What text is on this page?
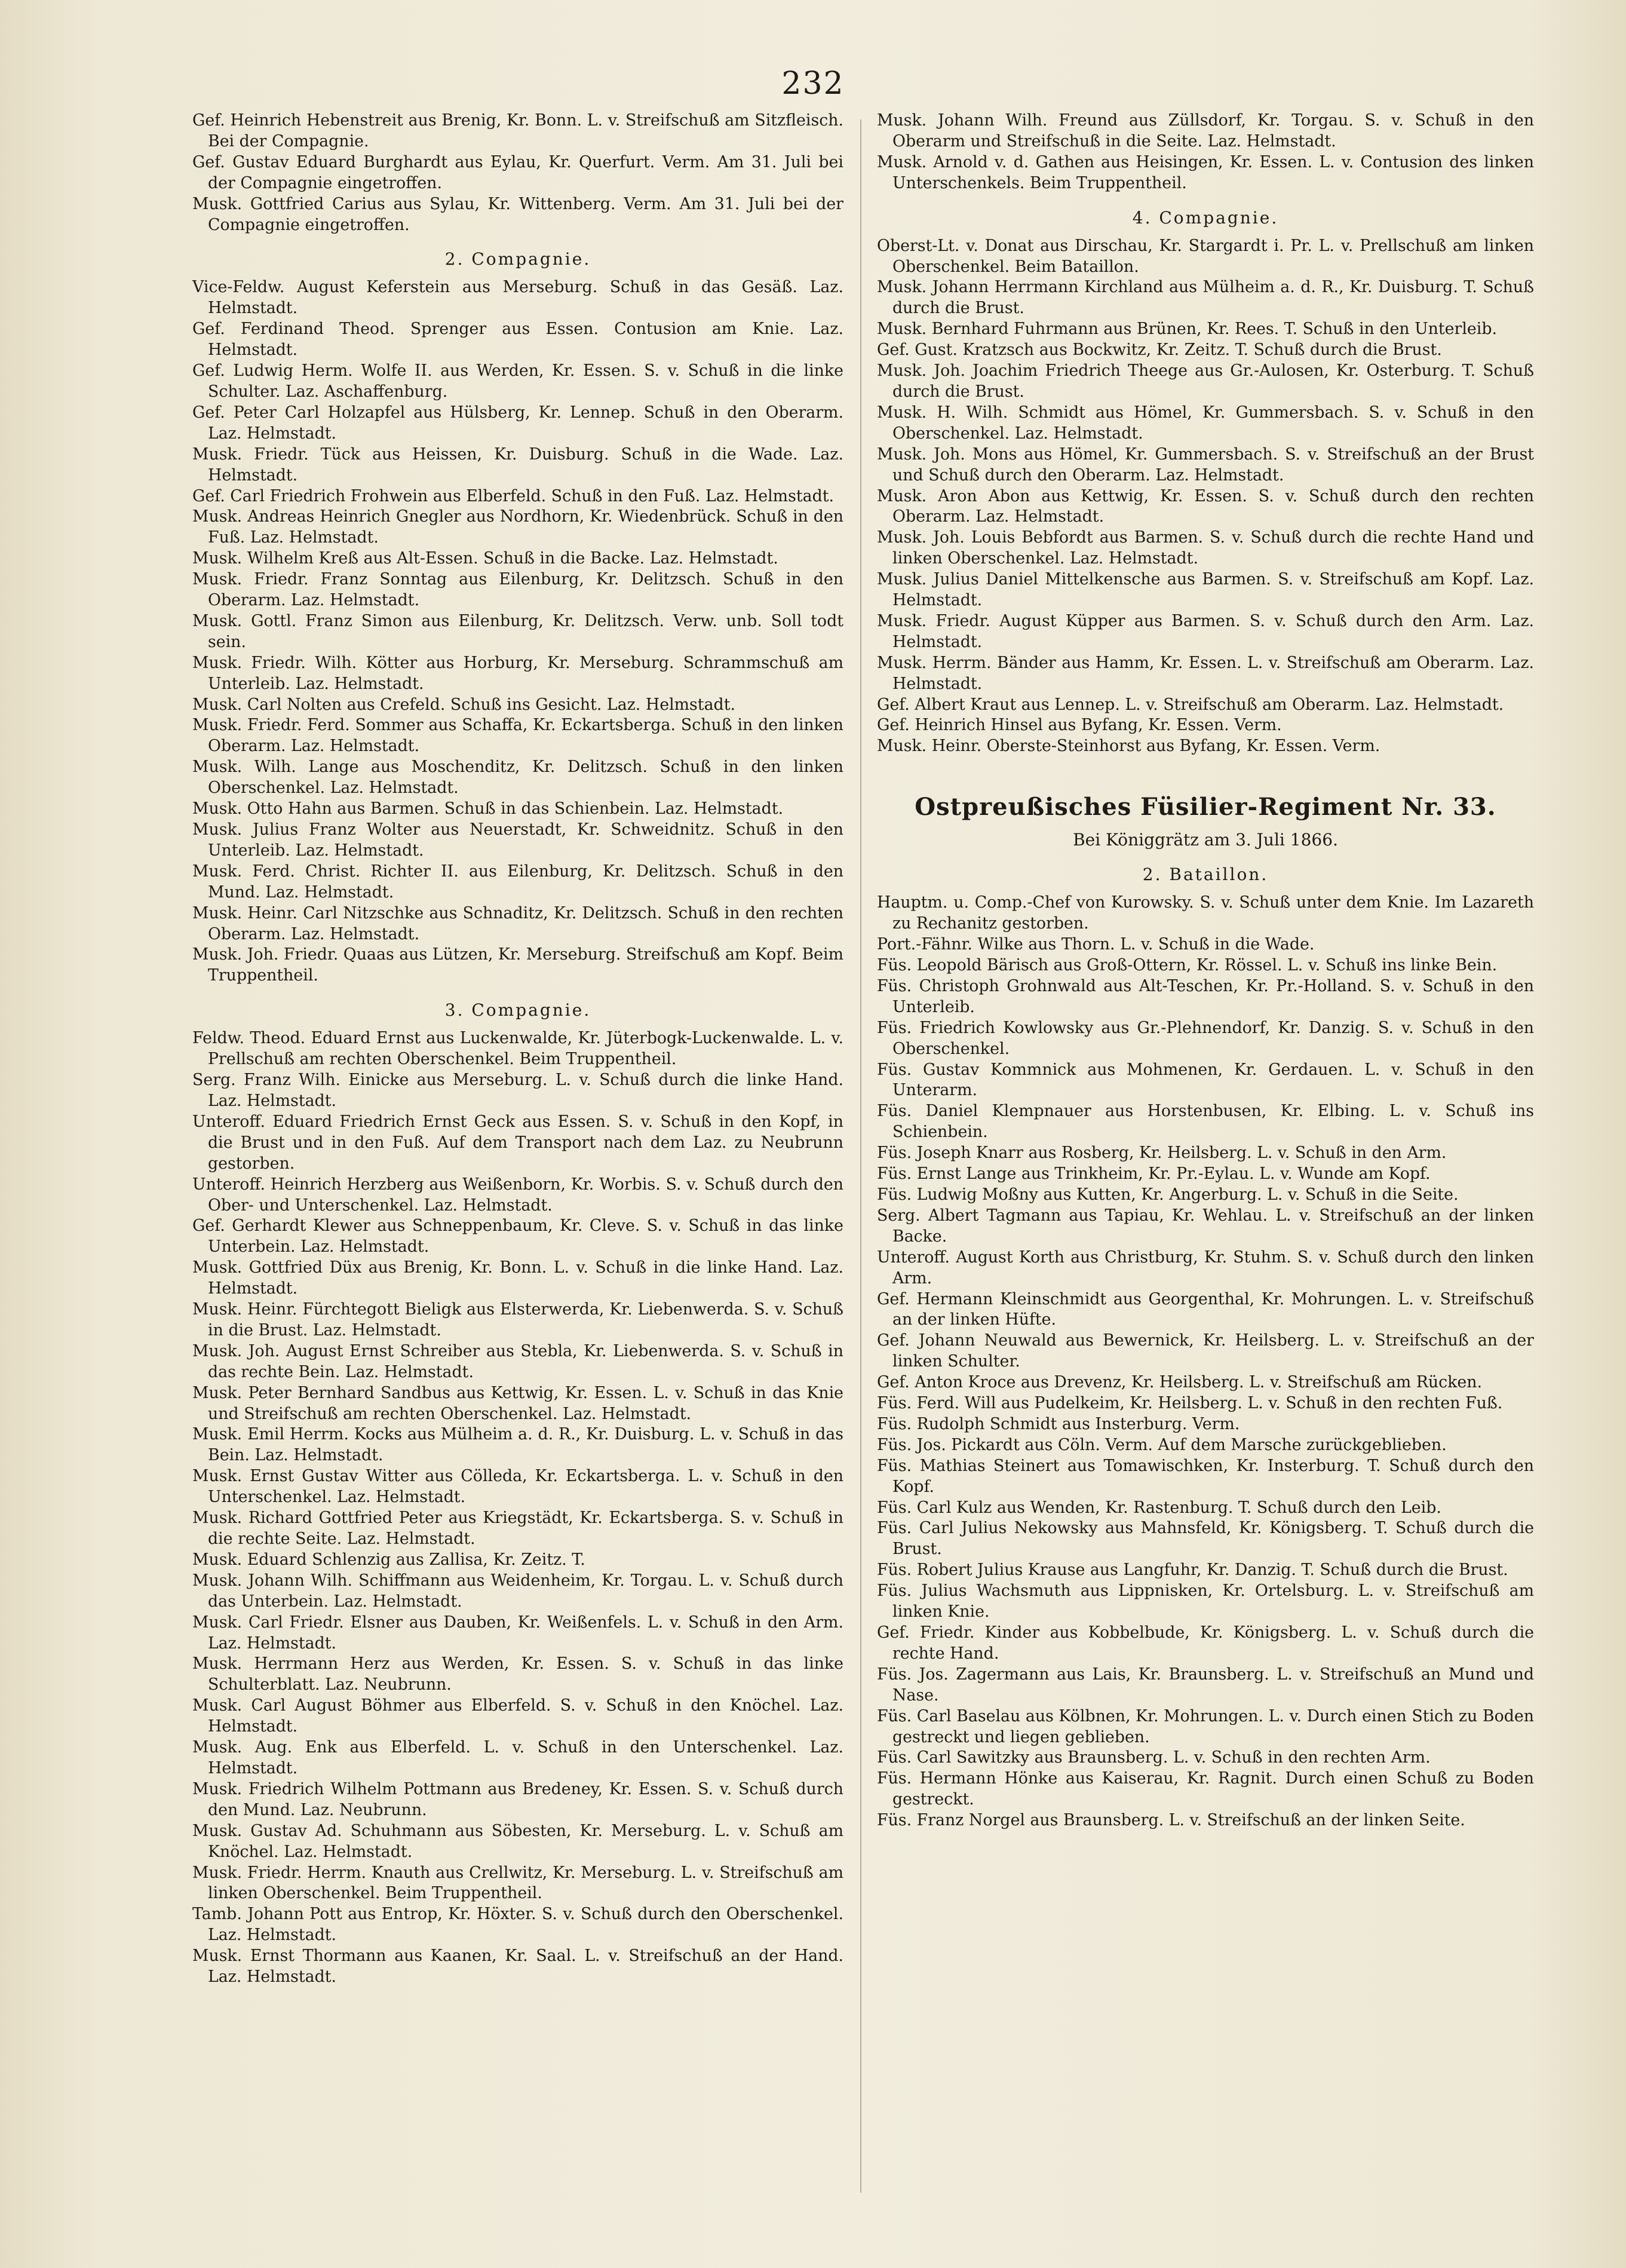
232
Gef. Heinrich Hebenstreit aus Brenig, Kr. Bonn. L. v. Streifschuß am Sitzfleisch. Bei der Compagnie.
Gef. Gustav Eduard Burghardt aus Eylau, Kr. Querfurt. Verm. Am 31. Juli bei der Compagnie eingetroffen.
Musk. Gottfried Carius aus Sylau, Kr. Wittenberg. Verm. Am 31. Juli bei der Compagnie eingetroffen.
2. Compagnie.
Vice-Feldw. August Keferstein aus Merseburg. Schuß in das Gesäß. Laz. Helmstadt.
Gef. Ferdinand Theod. Sprenger aus Essen. Contusion am Knie. Laz. Helmstadt.
Gef. Ludwig Herm. Wolfe II. aus Werden, Kr. Essen. S. v. Schuß in die linke Schulter. Laz. Aschaffenburg.
Gef. Peter Carl Holzapfel aus Hülsberg, Kr. Lennep. Schuß in den Oberarm. Laz. Helmstadt.
Musk. Friedr. Tück aus Heissen, Kr. Duisburg. Schuß in die Wade. Laz. Helmstadt.
Gef. Carl Friedrich Frohwein aus Elberfeld. Schuß in den Fuß. Laz. Helmstadt.
Musk. Andreas Heinrich Gnegler aus Nordhorn, Kr. Wiedenbrück. Schuß in den Fuß. Laz. Helmstadt.
Musk. Wilhelm Kreß aus Alt-Essen. Schuß in die Backe. Laz. Helmstadt.
Musk. Friedr. Franz Sonntag aus Eilenburg, Kr. Delitzsch. Schuß in den Oberarm. Laz. Helmstadt.
Musk. Gottl. Franz Simon aus Eilenburg, Kr. Delitzsch. Verw. unb. Soll todt sein.
Musk. Friedr. Wilh. Kötter aus Horburg, Kr. Merseburg. Schrammschuß am Unterleib. Laz. Helmstadt.
Musk. Carl Nolten aus Crefeld. Schuß ins Gesicht. Laz. Helmstadt.
Musk. Friedr. Ferd. Sommer aus Schaffa, Kr. Eckartsberga. Schuß in den linken Oberarm. Laz. Helmstadt.
Musk. Wilh. Lange aus Moschenditz, Kr. Delitzsch. Schuß in den linken Oberschenkel. Laz. Helmstadt.
Musk. Otto Hahn aus Barmen. Schuß in das Schienbein. Laz. Helmstadt.
Musk. Julius Franz Wolter aus Neuerstadt, Kr. Schweidnitz. Schuß in den Unterleib. Laz. Helmstadt.
Musk. Ferd. Christ. Richter II. aus Eilenburg, Kr. Delitzsch. Schuß in den Mund. Laz. Helmstadt.
Musk. Heinr. Carl Nitzschke aus Schnaditz, Kr. Delitzsch. Schuß in den rechten Oberarm. Laz. Helmstadt.
Musk. Joh. Friedr. Quaas aus Lützen, Kr. Merseburg. Streifschuß am Kopf. Beim Truppentheil.
3. Compagnie.
Feldw. Theod. Eduard Ernst aus Luckenwalde, Kr. Jüterbogk-Luckenwalde. L. v. Prellschuß am rechten Oberschenkel. Beim Truppentheil.
Serg. Franz Wilh. Einicke aus Merseburg. L. v. Schuß durch die linke Hand. Laz. Helmstadt.
Unteroff. Eduard Friedrich Ernst Geck aus Essen. S. v. Schuß in den Kopf, in die Brust und in den Fuß. Auf dem Transport nach dem Laz. zu Neubrunn gestorben.
Unteroff. Heinrich Herzberg aus Weißenborn, Kr. Worbis. S. v. Schuß durch den Ober- und Unterschenkel. Laz. Helmstadt.
Gef. Gerhardt Klewer aus Schneppenbaum, Kr. Cleve. S. v. Schuß in das linke Unterbein. Laz. Helmstadt.
Musk. Gottfried Düx aus Brenig, Kr. Bonn. L. v. Schuß in die linke Hand. Laz. Helmstadt.
Musk. Heinr. Fürchtegott Bieligk aus Elsterwerda, Kr. Liebenwerda. S. v. Schuß in die Brust. Laz. Helmstadt.
Musk. Joh. August Ernst Schreiber aus Stebla, Kr. Liebenwerda. S. v. Schuß in das rechte Bein. Laz. Helmstadt.
Musk. Peter Bernhard Sandbus aus Kettwig, Kr. Essen. L. v. Schuß in das Knie und Streifschuß am rechten Oberschenkel. Laz. Helmstadt.
Musk. Emil Herrm. Kocks aus Mülheim a. d. R., Kr. Duisburg. L. v. Schuß in das Bein. Laz. Helmstadt.
Musk. Ernst Gustav Witter aus Cölleda, Kr. Eckartsberga. L. v. Schuß in den Unterschenkel. Laz. Helmstadt.
Musk. Richard Gottfried Peter aus Kriegstädt, Kr. Eckartsberga. S. v. Schuß in die rechte Seite. Laz. Helmstadt.
Musk. Eduard Schlenzig aus Zallisa, Kr. Zeitz. T.
Musk. Johann Wilh. Schiffmann aus Weidenheim, Kr. Torgau. L. v. Schuß durch das Unterbein. Laz. Helmstadt.
Musk. Carl Friedr. Elsner aus Dauben, Kr. Weißenfels. L. v. Schuß in den Arm. Laz. Helmstadt.
Musk. Herrmann Herz aus Werden, Kr. Essen. S. v. Schuß in das linke Schulterblatt. Laz. Neubrunn.
Musk. Carl August Böhmer aus Elberfeld. S. v. Schuß in den Knöchel. Laz. Helmstadt.
Musk. Aug. Enk aus Elberfeld. L. v. Schuß in den Unterschenkel. Laz. Helmstadt.
Musk. Friedrich Wilhelm Pottmann aus Bredeney, Kr. Essen. S. v. Schuß durch den Mund. Laz. Neubrunn.
Musk. Gustav Ad. Schuhmann aus Söbesten, Kr. Merseburg. L. v. Schuß am Knöchel. Laz. Helmstadt.
Musk. Friedr. Herrm. Knauth aus Crellwitz, Kr. Merseburg. L. v. Streifschuß am linken Oberschenkel. Beim Truppentheil.
Tamb. Johann Pott aus Entrop, Kr. Höxter. S. v. Schuß durch den Oberschenkel. Laz. Helmstadt.
Musk. Ernst Thormann aus Kaanen, Kr. Saal. L. v. Streifschuß an der Hand. Laz. Helmstadt.
Musk. Johann Wilh. Freund aus Züllsdorf, Kr. Torgau. S. v. Schuß in den Oberarm und Streifschuß in die Seite. Laz. Helmstadt.
Musk. Arnold v. d. Gathen aus Heisingen, Kr. Essen. L. v. Contusion des linken Unterschenkels. Beim Truppentheil.
4. Compagnie.
Oberst-Lt. v. Donat aus Dirschau, Kr. Stargardt i. Pr. L. v. Prellschuß am linken Oberschenkel. Beim Bataillon.
Musk. Johann Herrmann Kirchland aus Mülheim a. d. R., Kr. Duisburg. T. Schuß durch die Brust.
Musk. Bernhard Fuhrmann aus Brünen, Kr. Rees. T. Schuß in den Unterleib.
Gef. Gust. Kratzsch aus Bockwitz, Kr. Zeitz. T. Schuß durch die Brust.
Musk. Joh. Joachim Friedrich Theege aus Gr.-Aulosen, Kr. Osterburg. T. Schuß durch die Brust.
Musk. H. Wilh. Schmidt aus Hömel, Kr. Gummersbach. S. v. Schuß in den Oberschenkel. Laz. Helmstadt.
Musk. Joh. Mons aus Hömel, Kr. Gummersbach. S. v. Streifschuß an der Brust und Schuß durch den Oberarm. Laz. Helmstadt.
Musk. Aron Abon aus Kettwig, Kr. Essen. S. v. Schuß durch den rechten Oberarm. Laz. Helmstadt.
Musk. Joh. Louis Bebfordt aus Barmen. S. v. Schuß durch die rechte Hand und linken Oberschenkel. Laz. Helmstadt.
Musk. Julius Daniel Mittelkensche aus Barmen. S. v. Streifschuß am Kopf. Laz. Helmstadt.
Musk. Friedr. August Küpper aus Barmen. S. v. Schuß durch den Arm. Laz. Helmstadt.
Musk. Herrm. Bänder aus Hamm, Kr. Essen. L. v. Streifschuß am Oberarm. Laz. Helmstadt.
Gef. Albert Kraut aus Lennep. L. v. Streifschuß am Oberarm. Laz. Helmstadt.
Gef. Heinrich Hinsel aus Byfang, Kr. Essen. Verm.
Musk. Heinr. Oberste-Steinhorst aus Byfang, Kr. Essen. Verm.
Ostpreußisches Füsilier-Regiment Nr. 33.
Bei Königgrätz am 3. Juli 1866.
2. Bataillon.
Hauptm. u. Comp.-Chef von Kurowsky. S. v. Schuß unter dem Knie. Im Lazareth zu Rechanitz gestorben.
Port.-Fähnr. Wilke aus Thorn. L. v. Schuß in die Wade.
Füs. Leopold Bärisch aus Groß-Ottern, Kr. Rössel. L. v. Schuß ins linke Bein.
Füs. Christoph Grohnwald aus Alt-Teschen, Kr. Pr.-Holland. S. v. Schuß in den Unterleib.
Füs. Friedrich Kowlowsky aus Gr.-Plehnendorf, Kr. Danzig. S. v. Schuß in den Oberschenkel.
Füs. Gustav Kommnick aus Mohmenen, Kr. Gerdauen. L. v. Schuß in den Unterarm.
Füs. Daniel Klempnauer aus Horstenbusen, Kr. Elbing. L. v. Schuß ins Schienbein.
Füs. Joseph Knarr aus Rosberg, Kr. Heilsberg. L. v. Schuß in den Arm.
Füs. Ernst Lange aus Trinkheim, Kr. Pr.-Eylau. L. v. Wunde am Kopf.
Füs. Ludwig Moßny aus Kutten, Kr. Angerburg. L. v. Schuß in die Seite.
Serg. Albert Tagmann aus Tapiau, Kr. Wehlau. L. v. Streifschuß an der linken Backe.
Unteroff. August Korth aus Christburg, Kr. Stuhm. S. v. Schuß durch den linken Arm.
Gef. Hermann Kleinschmidt aus Georgenthal, Kr. Mohrungen. L. v. Streifschuß an der linken Hüfte.
Gef. Johann Neuwald aus Bewernick, Kr. Heilsberg. L. v. Streifschuß an der linken Schulter.
Gef. Anton Kroce aus Drevenz, Kr. Heilsberg. L. v. Streifschuß am Rücken.
Füs. Ferd. Will aus Pudelkeim, Kr. Heilsberg. L. v. Schuß in den rechten Fuß.
Füs. Rudolph Schmidt aus Insterburg. Verm.
Füs. Jos. Pickardt aus Cöln. Verm. Auf dem Marsche zurückgeblieben.
Füs. Mathias Steinert aus Tomawischken, Kr. Insterburg. T. Schuß durch den Kopf.
Füs. Carl Kulz aus Wenden, Kr. Rastenburg. T. Schuß durch den Leib.
Füs. Carl Julius Nekowsky aus Mahnsfeld, Kr. Königsberg. T. Schuß durch die Brust.
Füs. Robert Julius Krause aus Langfuhr, Kr. Danzig. T. Schuß durch die Brust.
Füs. Julius Wachsmuth aus Lippnisken, Kr. Ortelsburg. L. v. Streifschuß am linken Knie.
Gef. Friedr. Kinder aus Kobbelbude, Kr. Königsberg. L. v. Schuß durch die rechte Hand.
Füs. Jos. Zagermann aus Lais, Kr. Braunsberg. L. v. Streifschuß an Mund und Nase.
Füs. Carl Baselau aus Kölbnen, Kr. Mohrungen. L. v. Durch einen Stich zu Boden gestreckt und liegen geblieben.
Füs. Carl Sawitzky aus Braunsberg. L. v. Schuß in den rechten Arm.
Füs. Hermann Hönke aus Kaiserau, Kr. Ragnit. Durch einen Schuß zu Boden gestreckt.
Füs. Franz Norgel aus Braunsberg. L. v. Streifschuß an der linken Seite.
